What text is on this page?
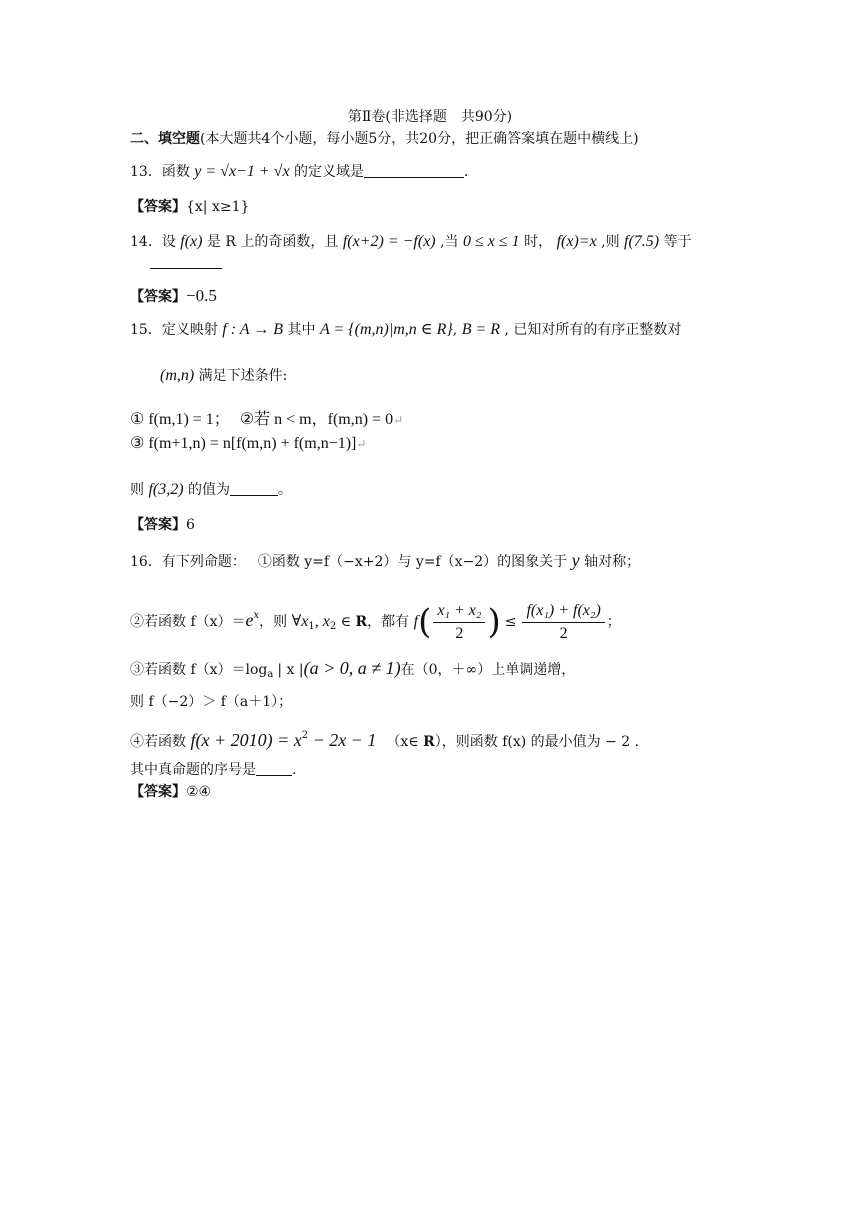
第Ⅱ卷(非选择题　共90分)
二、填空题(本大题共4个小题，每小题5分，共20分，把正确答案填在题中横线上)
13．函数 y = √x−1 + √x 的定义域是	．
【答案】{x| x≥1}
14．设 f(x) 是 R 上的奇函数，且 f(x+2) = −f(x) ,当 0 ≤ x ≤ 1 时， f(x)=x ,则 f(7.5) 等于
【答案】−0.5
15．定义映射 f : A → B 其中 A = {(m,n)|m,n ∈ R}, B = R , 已知对所有的有序正整数对
(m,n) 满足下述条件:
① f(m,1) = 1； ②若 n < m，f(m,n) = 0↵
③ f(m+1,n) = n[f(m,n) + f(m,n−1)]↵
则 f(3,2) 的值为	。
【答案】6
16．有下列命题： ①函数 y=f（−x+2）与 y=f（x−2）的图象关于 y 轴对称；
②若函数 $f(x)=e^x$，则 $\forall x_1$, $x_2$ ∈ R，都有 $f( \frac{\text{x₁ + x₂}}{2}$ ) ≤ $\frac{\text{f(x₁) + f(x₂)}}{2}$ ；
③若函数 $f(x)=\log_a$ | x |(a > 0, a ≠ 1)在（0，＋∞）上单调递增，
则 f（−2）＞ f（a＋1）；
④若函数 $f(x + 2010) = x^2 - 2x - 1$ （x∈ R），则函数 f(x) 的最小值为 − 2 .
其中真命题的序号是	.
【答案】②④
